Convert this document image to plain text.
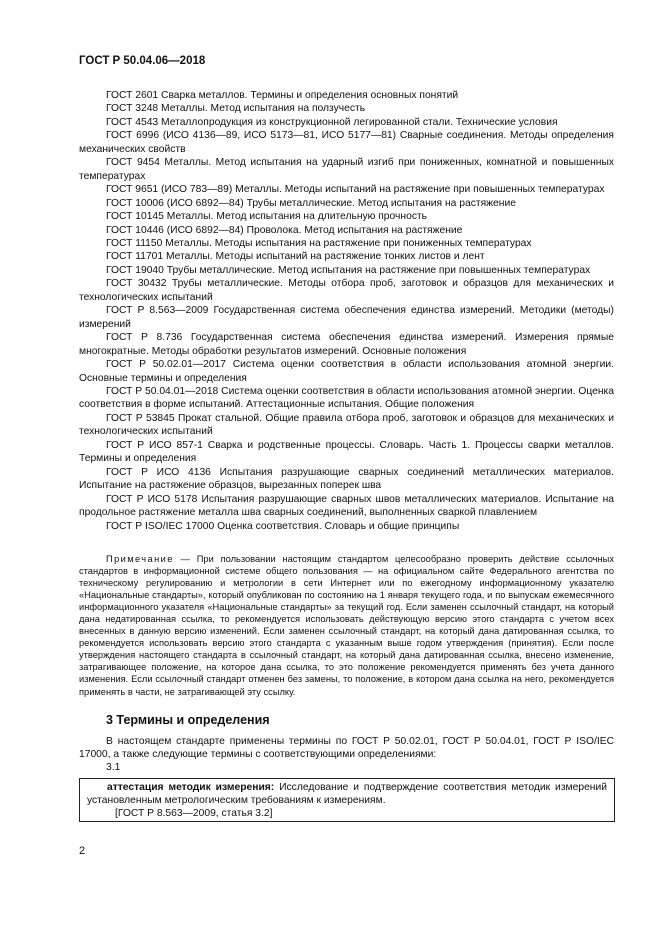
ГОСТ Р 50.04.06—2018

ГОСТ 2601 Сварка металлов. Термины и определения основных понятий

ГОСТ 3248 Металлы. Метод испытания на ползучесть

ГОСТ 4543 Металлопродукция из конструкционной легированной стали. Технические условия

ГОСТ 6996 (ИСО 4136—89, ИСО 5173—81, ИСО 5177—81) Сварные соединения. Методы определения механических свойств

ГОСТ 9454 Металлы. Метод испытания на ударный изгиб при пониженных, комнатной и повышенных температурах

ГОСТ 9651 (ИСО 783—89) Металлы. Методы испытаний на растяжение при повышенных температурах

ГОСТ 10006 (ИСО 6892—84) Трубы металлические. Метод испытания на растяжение

ГОСТ 10145 Металлы. Метод испытания на длительную прочность

ГОСТ 10446 (ИСО 6892—84) Проволока. Метод испытания на растяжение

ГОСТ 11150 Металлы. Методы испытания на растяжение при пониженных температурах

ГОСТ 11701 Металлы. Методы испытаний на растяжение тонких листов и лент

ГОСТ 19040 Трубы металлические. Метод испытания на растяжение при повышенных температурах

ГОСТ 30432 Трубы металлические. Методы отбора проб, заготовок и образцов для механических и технологических испытаний

ГОСТ Р 8.563—2009 Государственная система обеспечения единства измерений. Методики (методы) измерений

ГОСТ Р 8.736 Государственная система обеспечения единства измерений. Измерения прямые многократные. Методы обработки результатов измерений. Основные положения

ГОСТ Р 50.02.01—2017 Система оценки соответствия в области использования атомной энергии. Основные термины и определения

ГОСТ Р 50.04.01—2018 Система оценки соответствия в области использования атомной энергии. Оценка соответствия в форме испытаний. Аттестационные испытания. Общие положения

ГОСТ Р 53845 Прокат стальной. Общие правила отбора проб, заготовок и образцов для механических и технологических испытаний

ГОСТ Р ИСО 857-1 Сварка и родственные процессы. Словарь. Часть 1. Процессы сварки металлов. Термины и определения

ГОСТ Р ИСО 4136 Испытания разрушающие сварных соединений металлических материалов. Испытание на растяжение образцов, вырезанных поперек шва

ГОСТ Р ИСО 5178 Испытания разрушающие сварных швов металлических материалов. Испытание на продольное растяжение металла шва сварных соединений, выполненных сваркой плавлением

ГОСТ Р ISO/IEC 17000 Оценка соответствия. Словарь и общие принципы

Примечание — При пользовании настоящим стандартом целесообразно проверить действие ссылочных стандартов в информационной системе общего пользования — на официальном сайте Федерального агентства по техническому регулированию и метрологии в сети Интернет или по ежегодному информационному указателю «Национальные стандарты», который опубликован по состоянию на 1 января текущего года, и по выпускам ежемесячного информационного указателя «Национальные стандарты» за текущий год. Если заменен ссылочный стандарт, на который дана недатированная ссылка, то рекомендуется использовать действующую версию этого стандарта с учетом всех внесенных в данную версию изменений. Если заменен ссылочный стандарт, на который дана датированная ссылка, то рекомендуется использовать версию этого стандарта с указанным выше годом утверждения (принятия). Если после утверждения настоящего стандарта в ссылочный стандарт, на который дана датированная ссылка, внесено изменение, затрагивающее положение, на которое дана ссылка, то это положение рекомендуется применять без учета данного изменения. Если ссылочный стандарт отменен без замены, то положение, в котором дана ссылка на него, рекомендуется применять в части, не затрагивающей эту ссылку.

3 Термины и определения

В настоящем стандарте применены термины по ГОСТ Р 50.02.01, ГОСТ Р 50.04.01, ГОСТ Р ISO/IEC 17000, а также следующие термины с соответствующими определениями:

3.1

аттестация методик измерения: Исследование и подтверждение соответствия методик измерений установленным метрологическим требованиям к измерениям.

[ГОСТ Р 8.563—2009, статья 3.2]
2
